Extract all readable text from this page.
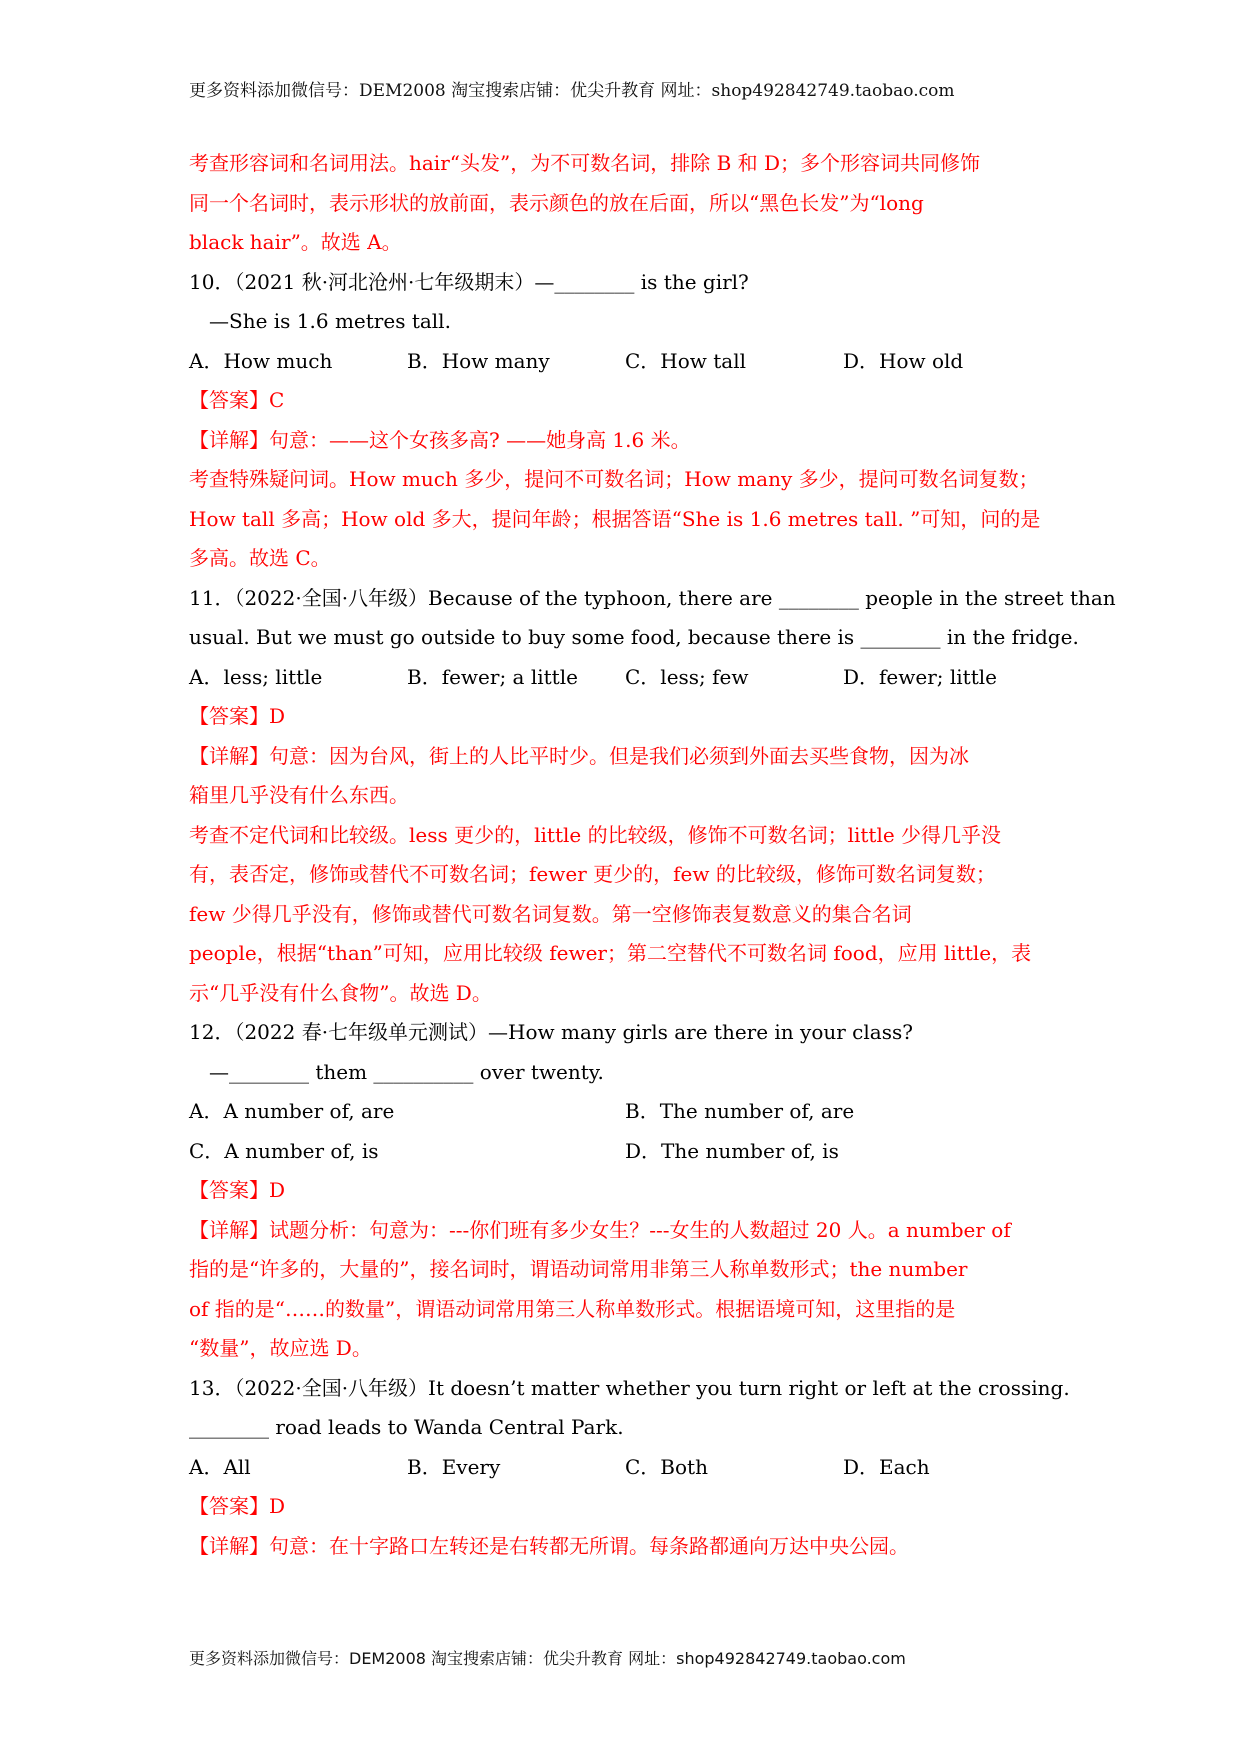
更多资料添加微信号：DEM2008 淘宝搜索店铺：优尖升教育 网址：shop492842749.taobao.com
考查形容词和名词用法。hair“头发”，为不可数名词，排除 B 和 D；多个形容词共同修饰
同一个名词时，表示形状的放前面，表示颜色的放在后面，所以“黑色长发”为“long
black hair”。故选 A。
10．（2021 秋·河北沧州·七年级期末）—________ is the girl?
—She is 1.6 metres tall.
A．How much	B．How many	C．How tall	D．How old
【答案】C
【详解】句意：——这个女孩多高? ——她身高 1.6 米。
考查特殊疑问词。How much 多少，提问不可数名词；How many 多少，提问可数名词复数；
How tall 多高；How old 多大，提问年龄；根据答语“She is 1.6 metres tall. ”可知，问的是
多高。故选 C。
11．（2022·全国·八年级）Because of the typhoon, there are ________ people in the street than
usual. But we must go outside to buy some food, because there is ________ in the fridge.
A．less; little	B．fewer; a little	C．less; few	D．fewer; little
【答案】D
【详解】句意：因为台风，街上的人比平时少。但是我们必须到外面去买些食物，因为冰
箱里几乎没有什么东西。
考查不定代词和比较级。less 更少的，little 的比较级，修饰不可数名词；little 少得几乎没
有，表否定，修饰或替代不可数名词；fewer 更少的，few 的比较级，修饰可数名词复数；
few 少得几乎没有，修饰或替代可数名词复数。第一空修饰表复数意义的集合名词
people，根据“than”可知，应用比较级 fewer；第二空替代不可数名词 food，应用 little，表
示“几乎没有什么食物”。故选 D。
12．（2022 春·七年级单元测试）—How many girls are there in your class?
—________ them __________ over twenty.
A．A number of, are	B．The number of, are
C．A number of, is	D．The number of, is
【答案】D
【详解】试题分析：句意为：---你们班有多少女生？---女生的人数超过 20 人。a number of
指的是“许多的，大量的”，接名词时，谓语动词常用非第三人称单数形式；the number
of 指的是“……的数量”，谓语动词常用第三人称单数形式。根据语境可知，这里指的是
“数量”，故应选 D。
13．（2022·全国·八年级）It doesn’t matter whether you turn right or left at the crossing.
________ road leads to Wanda Central Park.
A．All	B．Every	C．Both	D．Each
【答案】D
【详解】句意：在十字路口左转还是右转都无所谓。每条路都通向万达中央公园。
更多资料添加微信号：DEM2008 淘宝搜索店铺：优尖升教育 网址：shop492842749.taobao.com
